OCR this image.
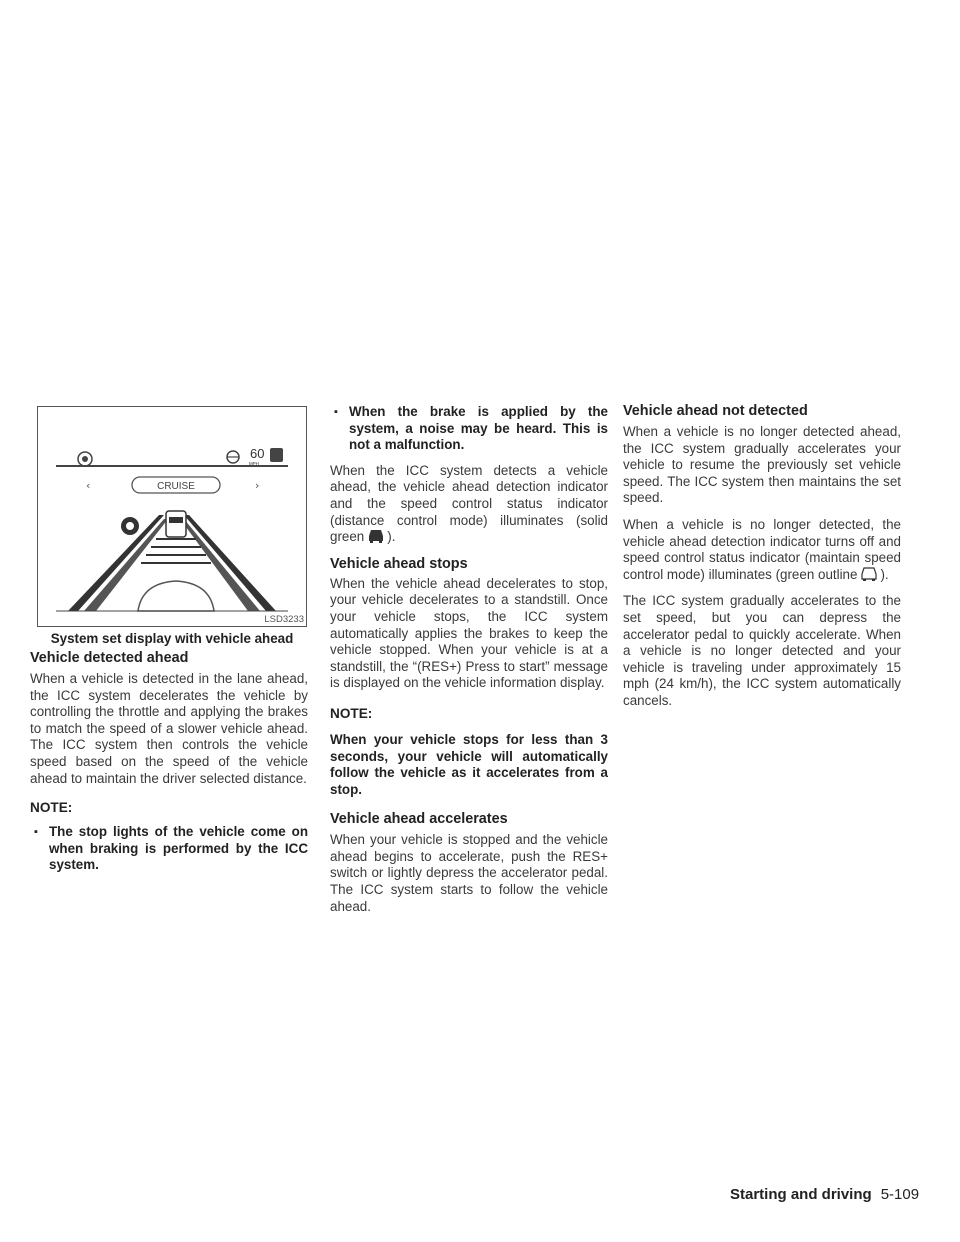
60
MPH
CRUISE
‹	›
LSD3233
System set display with vehicle ahead
Vehicle detected ahead

When a vehicle is detected in the lane ahead, the ICC system decelerates the vehicle by controlling the throttle and applying the brakes to match the speed of a slower vehicle ahead. The ICC system then controls the vehicle speed based on the speed of the vehicle ahead to maintain the driver selected distance.

NOTE:

▪ The stop lights of the vehicle come on when braking is performed by the ICC system.

▪ When the brake is applied by the system, a noise may be heard. This is not a malfunction.

When the ICC system detects a vehicle ahead, the vehicle ahead detection indicator and the speed control status indicator (distance control mode) illuminates (solid green ).

Vehicle ahead stops

When the vehicle ahead decelerates to stop, your vehicle decelerates to a standstill. Once your vehicle stops, the ICC system automatically applies the brakes to keep the vehicle stopped. When your vehicle is at a standstill, the “(RES+) Press to start” message is displayed on the vehicle information display.

NOTE:

When your vehicle stops for less than 3 seconds, your vehicle will automatically follow the vehicle as it accelerates from a stop.

Vehicle ahead accelerates

When your vehicle is stopped and the vehicle ahead begins to accelerate, push the RES+ switch or lightly depress the accelerator pedal. The ICC system starts to follow the vehicle ahead.

Vehicle ahead not detected

When a vehicle is no longer detected ahead, the ICC system gradually accelerates your vehicle to resume the previously set vehicle speed. The ICC system then maintains the set speed.

When a vehicle is no longer detected, the vehicle ahead detection indicator turns off and speed control status indicator (maintain speed control mode) illuminates (green outline ).

The ICC system gradually accelerates to the set speed, but you can depress the accelerator pedal to quickly accelerate. When a vehicle is no longer detected and your vehicle is traveling under approximately 15 mph (24 km/h), the ICC system automatically cancels.

Starting and driving 5-109
